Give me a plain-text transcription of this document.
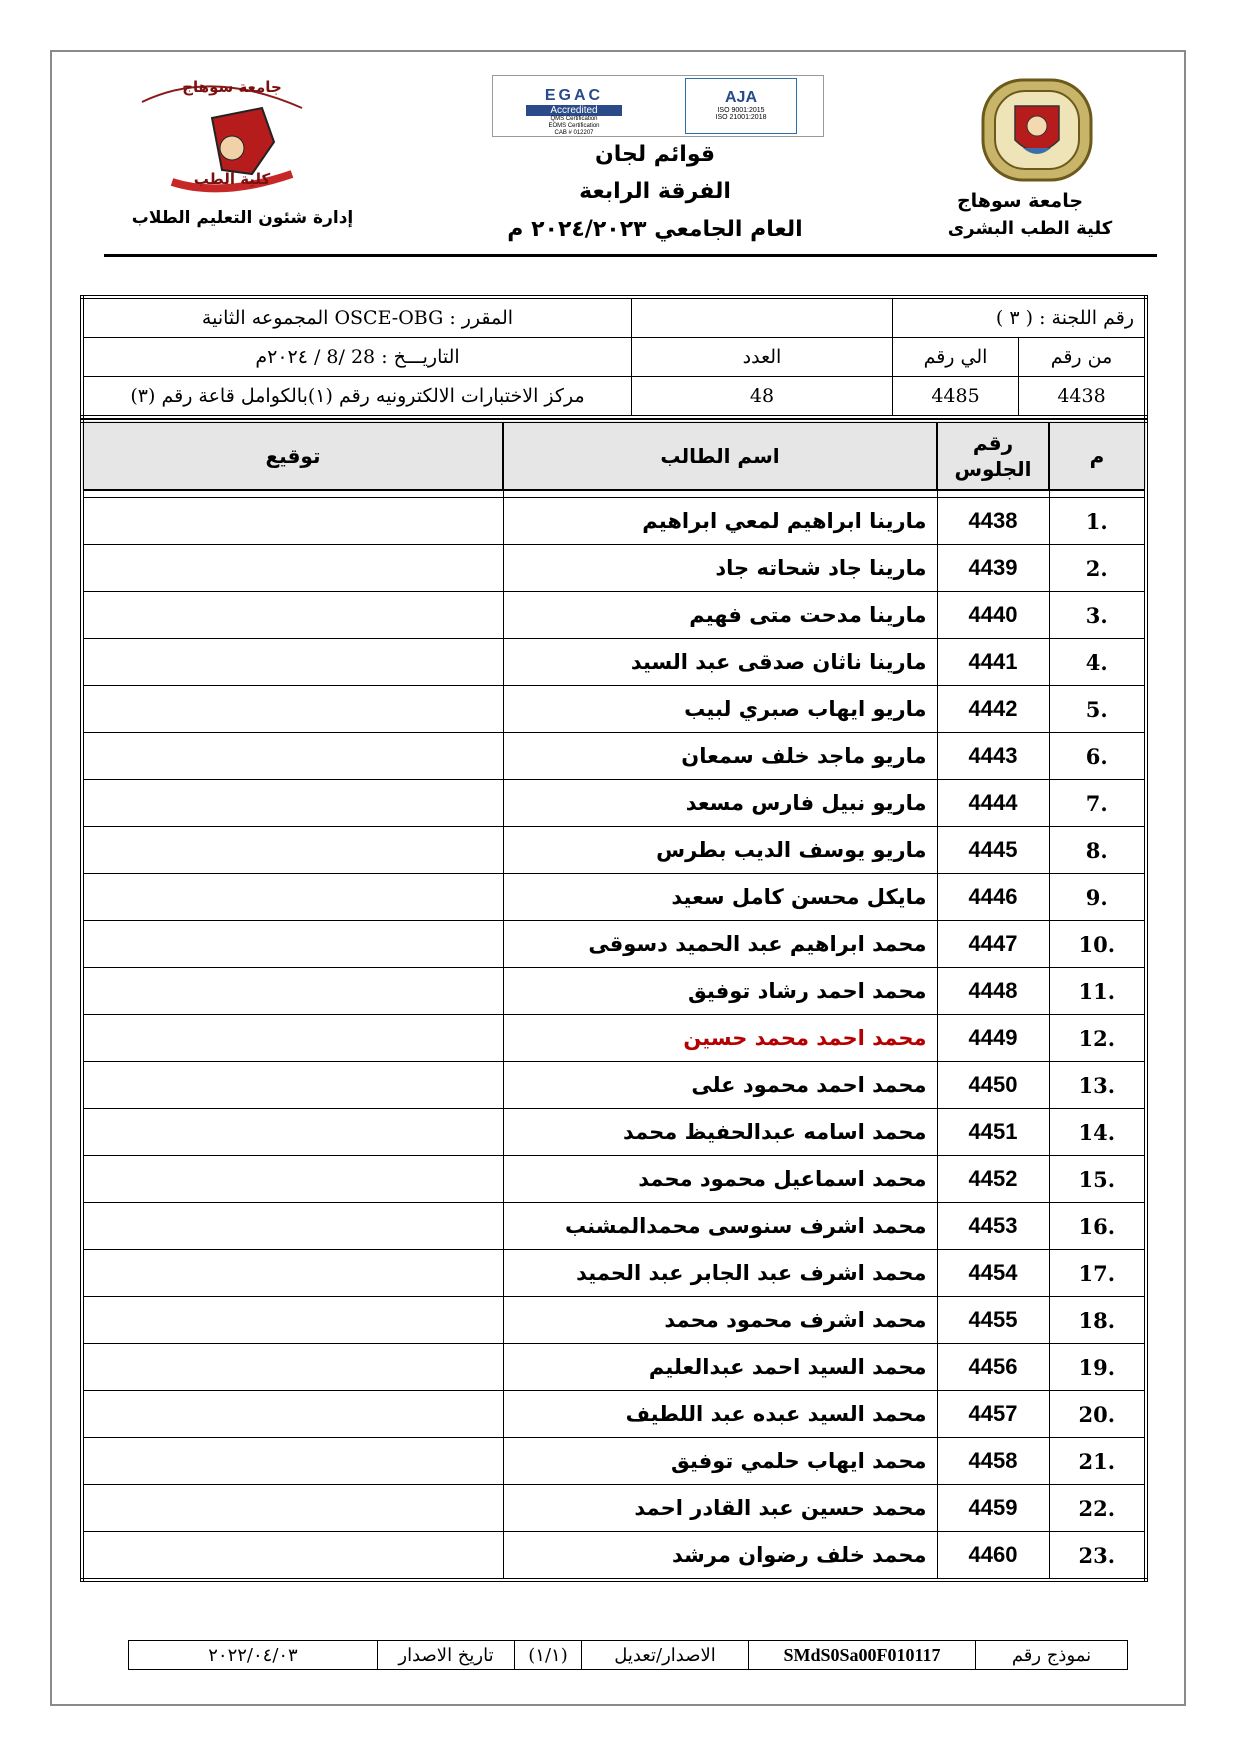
جامعة سوهاج
كلية الطب البشرى
EGAC
Accredited
QMS Certification
EOMS Certification
CAB # 012207
AJA
ISO 9001:2015
ISO 21001:2018
قوائم لجان
الفرقة الرابعة
العام الجامعي ٢٠٢٤/٢٠٢٣ م
جامعة سوهاج
كلية الطب
إدارة شئون التعليم الطلاب
رقم اللجنة : ( ٣ )			المقرر : OSCE-OBG المجموعه الثانية
من رقم	الي رقم	العدد	التاريـــخ : 28 /8 / ٢٠٢٤م
4438	4485	48	مركز الاختبارات الالكترونيه رقم (١)بالكوامل قاعة رقم (٣)
م	رقم الجلوس	اسم الطالب	توقيع

.1	4438	مارينا ابراهيم لمعي ابراهيم	
.2	4439	مارينا جاد شحاته جاد	
.3	4440	مارينا مدحت متى فهيم	
.4	4441	مارينا ناثان صدقى عبد السيد	
.5	4442	ماريو ايهاب صبري لبيب	
.6	4443	ماريو ماجد خلف سمعان	
.7	4444	ماريو نبيل فارس مسعد	
.8	4445	ماريو يوسف الديب بطرس	
.9	4446	مايكل محسن كامل سعيد	
.10	4447	محمد ابراهيم عبد الحميد دسوقى	
.11	4448	محمد احمد رشاد توفيق	
.12	4449	محمد احمد محمد حسين	
.13	4450	محمد احمد محمود على	
.14	4451	محمد اسامه عبدالحفيظ محمد	
.15	4452	محمد اسماعيل محمود محمد	
.16	4453	محمد اشرف سنوسى محمدالمشنب	
.17	4454	محمد اشرف عبد الجابر عبد الحميد	
.18	4455	محمد اشرف محمود محمد	
.19	4456	محمد السيد احمد عبدالعليم	
.20	4457	محمد السيد عبده عبد اللطيف	
.21	4458	محمد ايهاب حلمي توفيق	
.22	4459	محمد حسين عبد القادر احمد	
.23	4460	محمد خلف رضوان مرشد	
نموذج رقم	SMdS0Sa00F010117	الاصدار/تعديل	(١/١)	تاريخ الاصدار	٢٠٢٢/٠٤/٠٣
